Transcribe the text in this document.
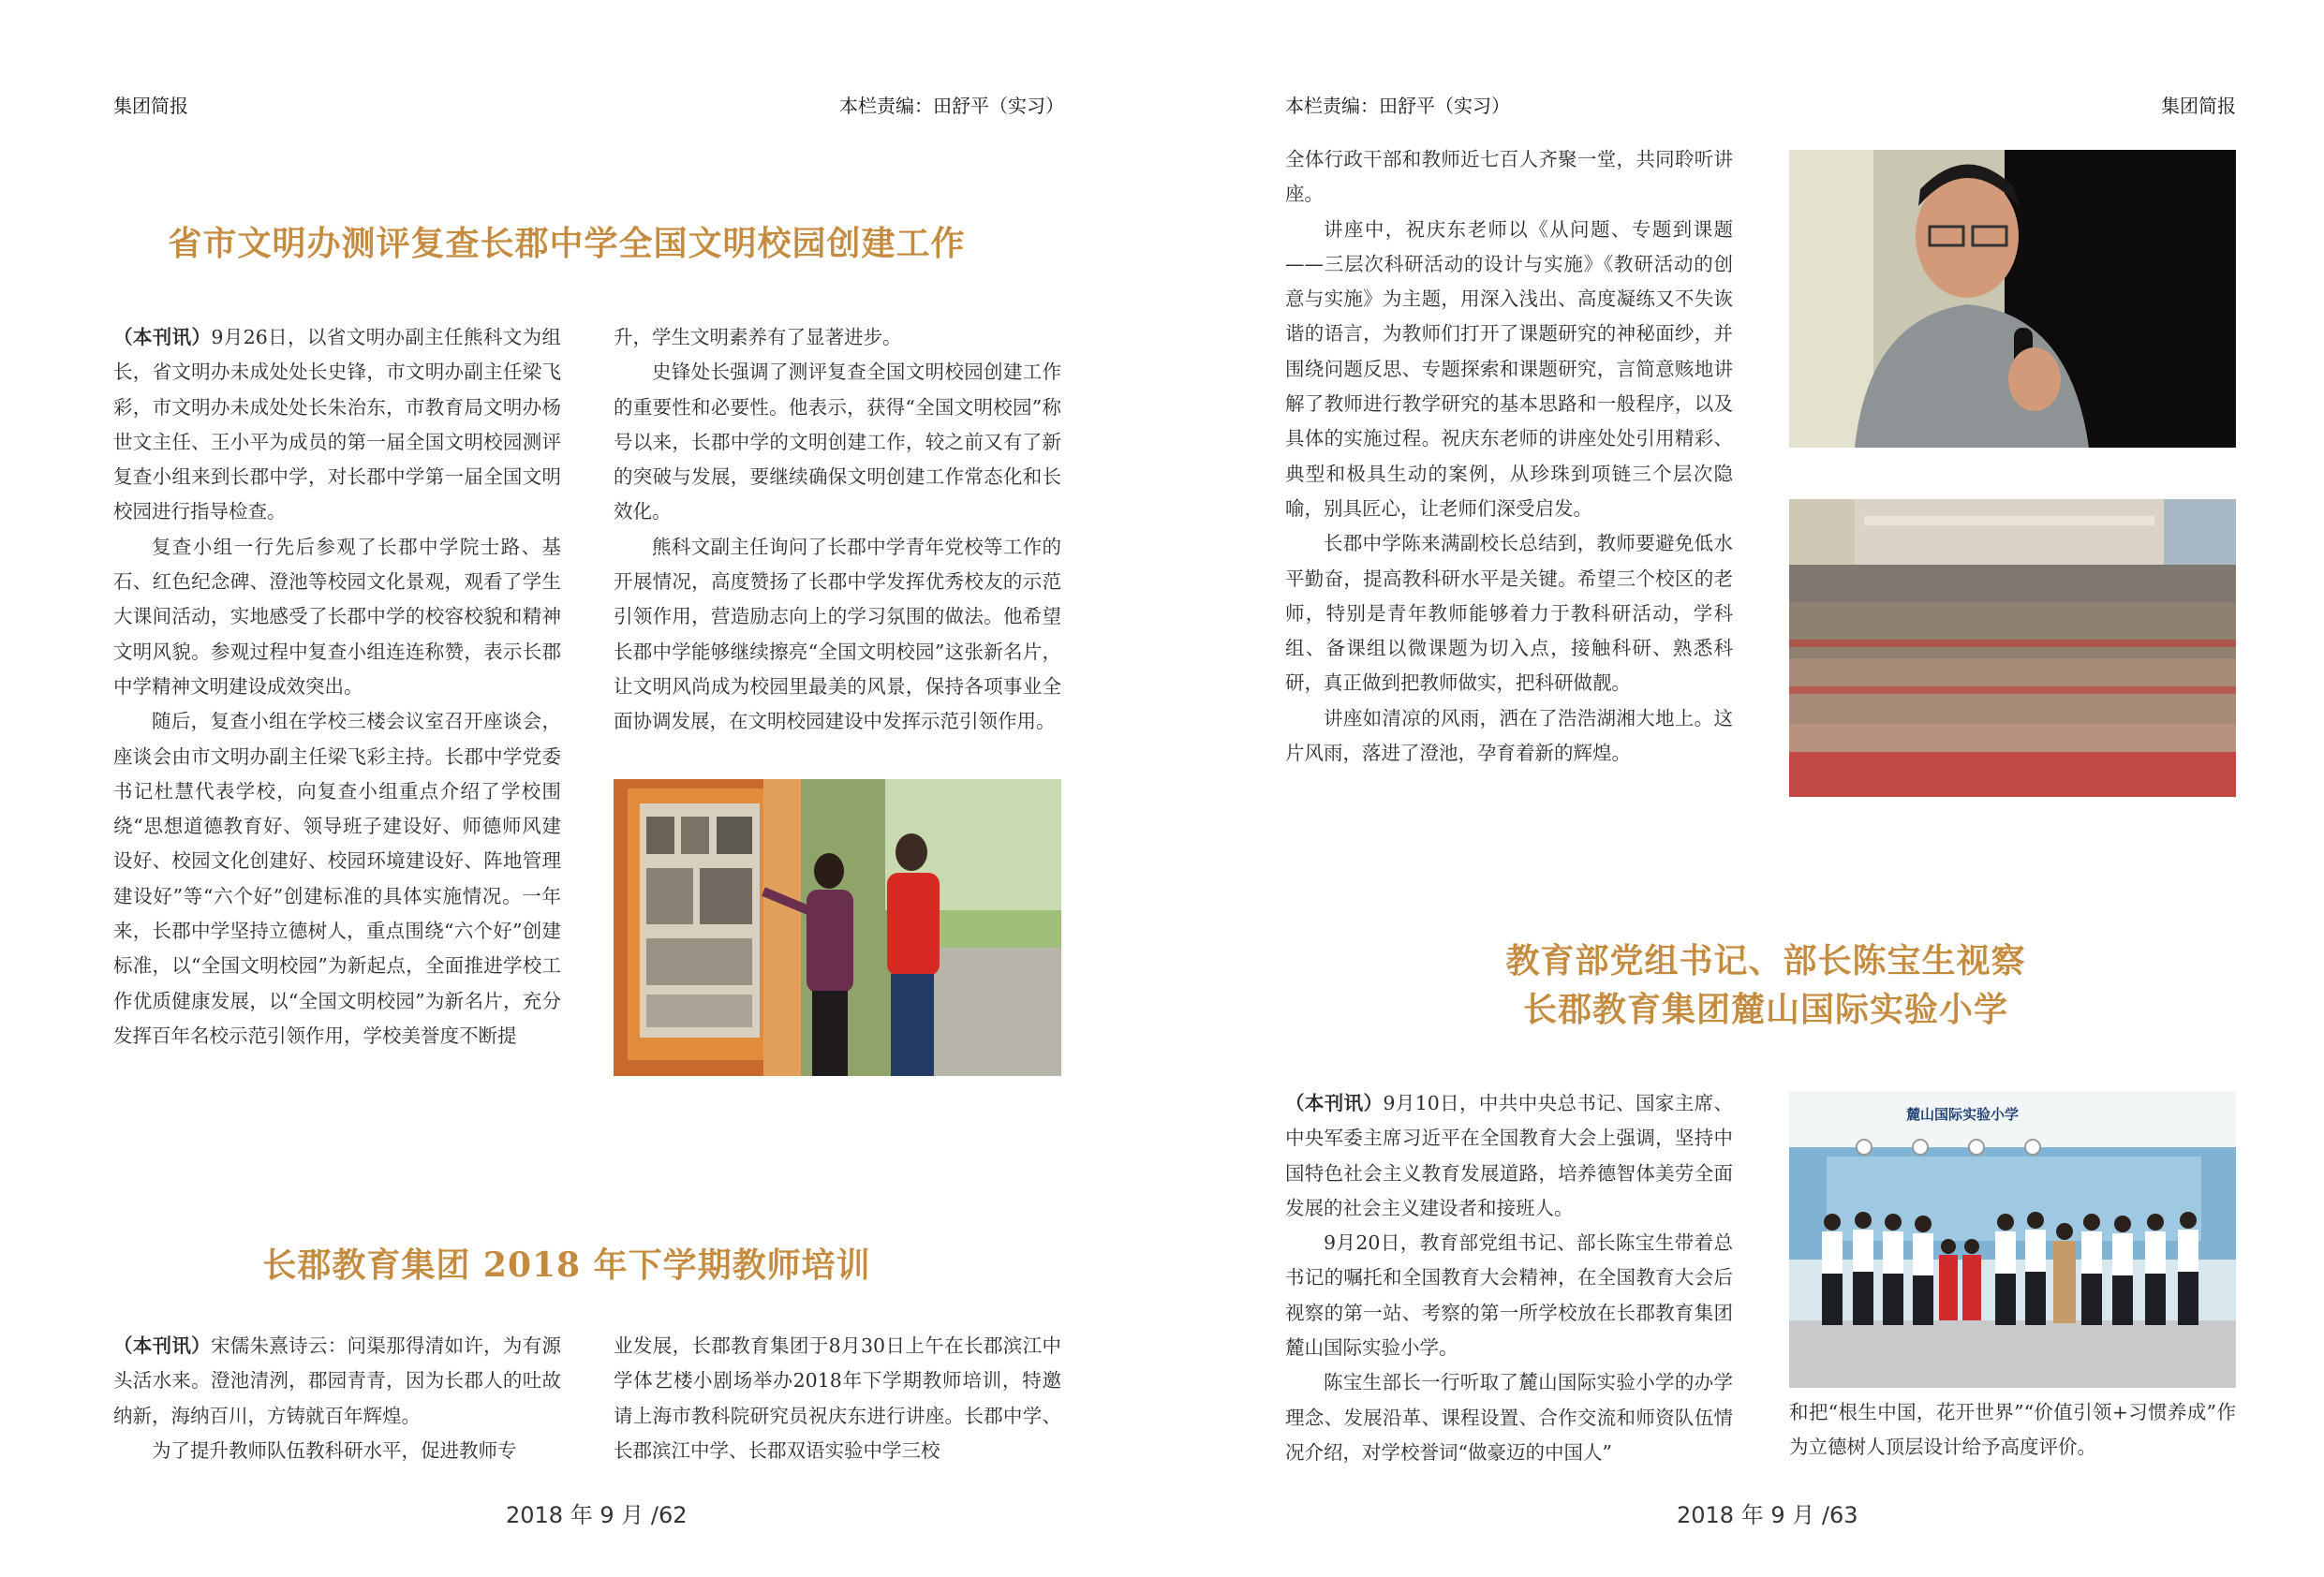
集团简报	本栏责编：田舒平（实习）
省市文明办测评复查长郡中学全国文明校园创建工作

（本刊讯）9月26日，以省文明办副主任熊科文为组长，省文明办未成处处长史锋，市文明办副主任梁飞彩，市文明办未成处处长朱治东，市教育局文明办杨世文主任、王小平为成员的第一届全国文明校园测评复查小组来到长郡中学，对长郡中学第一届全国文明校园进行指导检查。

复查小组一行先后参观了长郡中学院士路、基石、红色纪念碑、澄池等校园文化景观，观看了学生大课间活动，实地感受了长郡中学的校容校貌和精神文明风貌。参观过程中复查小组连连称赞，表示长郡中学精神文明建设成效突出。

随后，复查小组在学校三楼会议室召开座谈会，座谈会由市文明办副主任梁飞彩主持。长郡中学党委书记杜慧代表学校，向复查小组重点介绍了学校围绕“思想道德教育好、领导班子建设好、师德师风建设好、校园文化创建好、校园环境建设好、阵地管理建设好”等“六个好”创建标准的具体实施情况。一年来，长郡中学坚持立德树人，重点围绕“六个好”创建标准，以“全国文明校园”为新起点，全面推进学校工作优质健康发展，以“全国文明校园”为新名片，充分发挥百年名校示范引领作用，学校美誉度不断提

升，学生文明素养有了显著进步。

史锋处长强调了测评复查全国文明校园创建工作的重要性和必要性。他表示，获得“全国文明校园”称号以来，长郡中学的文明创建工作，较之前又有了新的突破与发展，要继续确保文明创建工作常态化和长效化。

熊科文副主任询问了长郡中学青年党校等工作的开展情况，高度赞扬了长郡中学发挥优秀校友的示范引领作用，营造励志向上的学习氛围的做法。他希望长郡中学能够继续擦亮“全国文明校园”这张新名片，让文明风尚成为校园里最美的风景，保持各项事业全面协调发展，在文明校园建设中发挥示范引领作用。

长郡教育集团 2018 年下学期教师培训

（本刊讯）宋儒朱熹诗云：问渠那得清如许，为有源头活水来。澄池清洌，郡园青青，因为长郡人的吐故纳新，海纳百川，方铸就百年辉煌。

为了提升教师队伍教科研水平，促进教师专

业发展，长郡教育集团于8月30日上午在长郡滨江中学体艺楼小剧场举办2018年下学期教师培训，特邀请上海市教科院研究员祝庆东进行讲座。长郡中学、长郡滨江中学、长郡双语实验中学三校

2018 年 9 月 /62
本栏责编：田舒平（实习）	集团简报

全体行政干部和教师近七百人齐聚一堂，共同聆听讲座。

讲座中，祝庆东老师以《从问题、专题到课题——三层次科研活动的设计与实施》《教研活动的创意与实施》为主题，用深入浅出、高度凝练又不失诙谐的语言，为教师们打开了课题研究的神秘面纱，并围绕问题反思、专题探索和课题研究，言简意赅地讲解了教师进行教学研究的基本思路和一般程序，以及具体的实施过程。祝庆东老师的讲座处处引用精彩、典型和极具生动的案例，从珍珠到项链三个层次隐喻，别具匠心，让老师们深受启发。

长郡中学陈来满副校长总结到，教师要避免低水平勤奋，提高教科研水平是关键。希望三个校区的老师，特别是青年教师能够着力于教科研活动，学科组、备课组以微课题为切入点，接触科研、熟悉科研，真正做到把教师做实，把科研做靓。

讲座如清凉的风雨，洒在了浩浩湖湘大地上。这片风雨，落进了澄池，孕育着新的辉煌。

教育部党组书记、部长陈宝生视察
长郡教育集团麓山国际实验小学

（本刊讯）9月10日，中共中央总书记、国家主席、中央军委主席习近平在全国教育大会上强调，坚持中国特色社会主义教育发展道路，培养德智体美劳全面发展的社会主义建设者和接班人。

9月20日，教育部党组书记、部长陈宝生带着总书记的嘱托和全国教育大会精神，在全国教育大会后视察的第一站、考察的第一所学校放在长郡教育集团麓山国际实验小学。

陈宝生部长一行听取了麓山国际实验小学的办学理念、发展沿革、课程设置、合作交流和师资队伍情况介绍，对学校誉词“做豪迈的中国人”

麓山国际实验小学
和把“根生中国，花开世界”“价值引领+习惯养成”作为立德树人顶层设计给予高度评价。
2018 年 9 月 /63
